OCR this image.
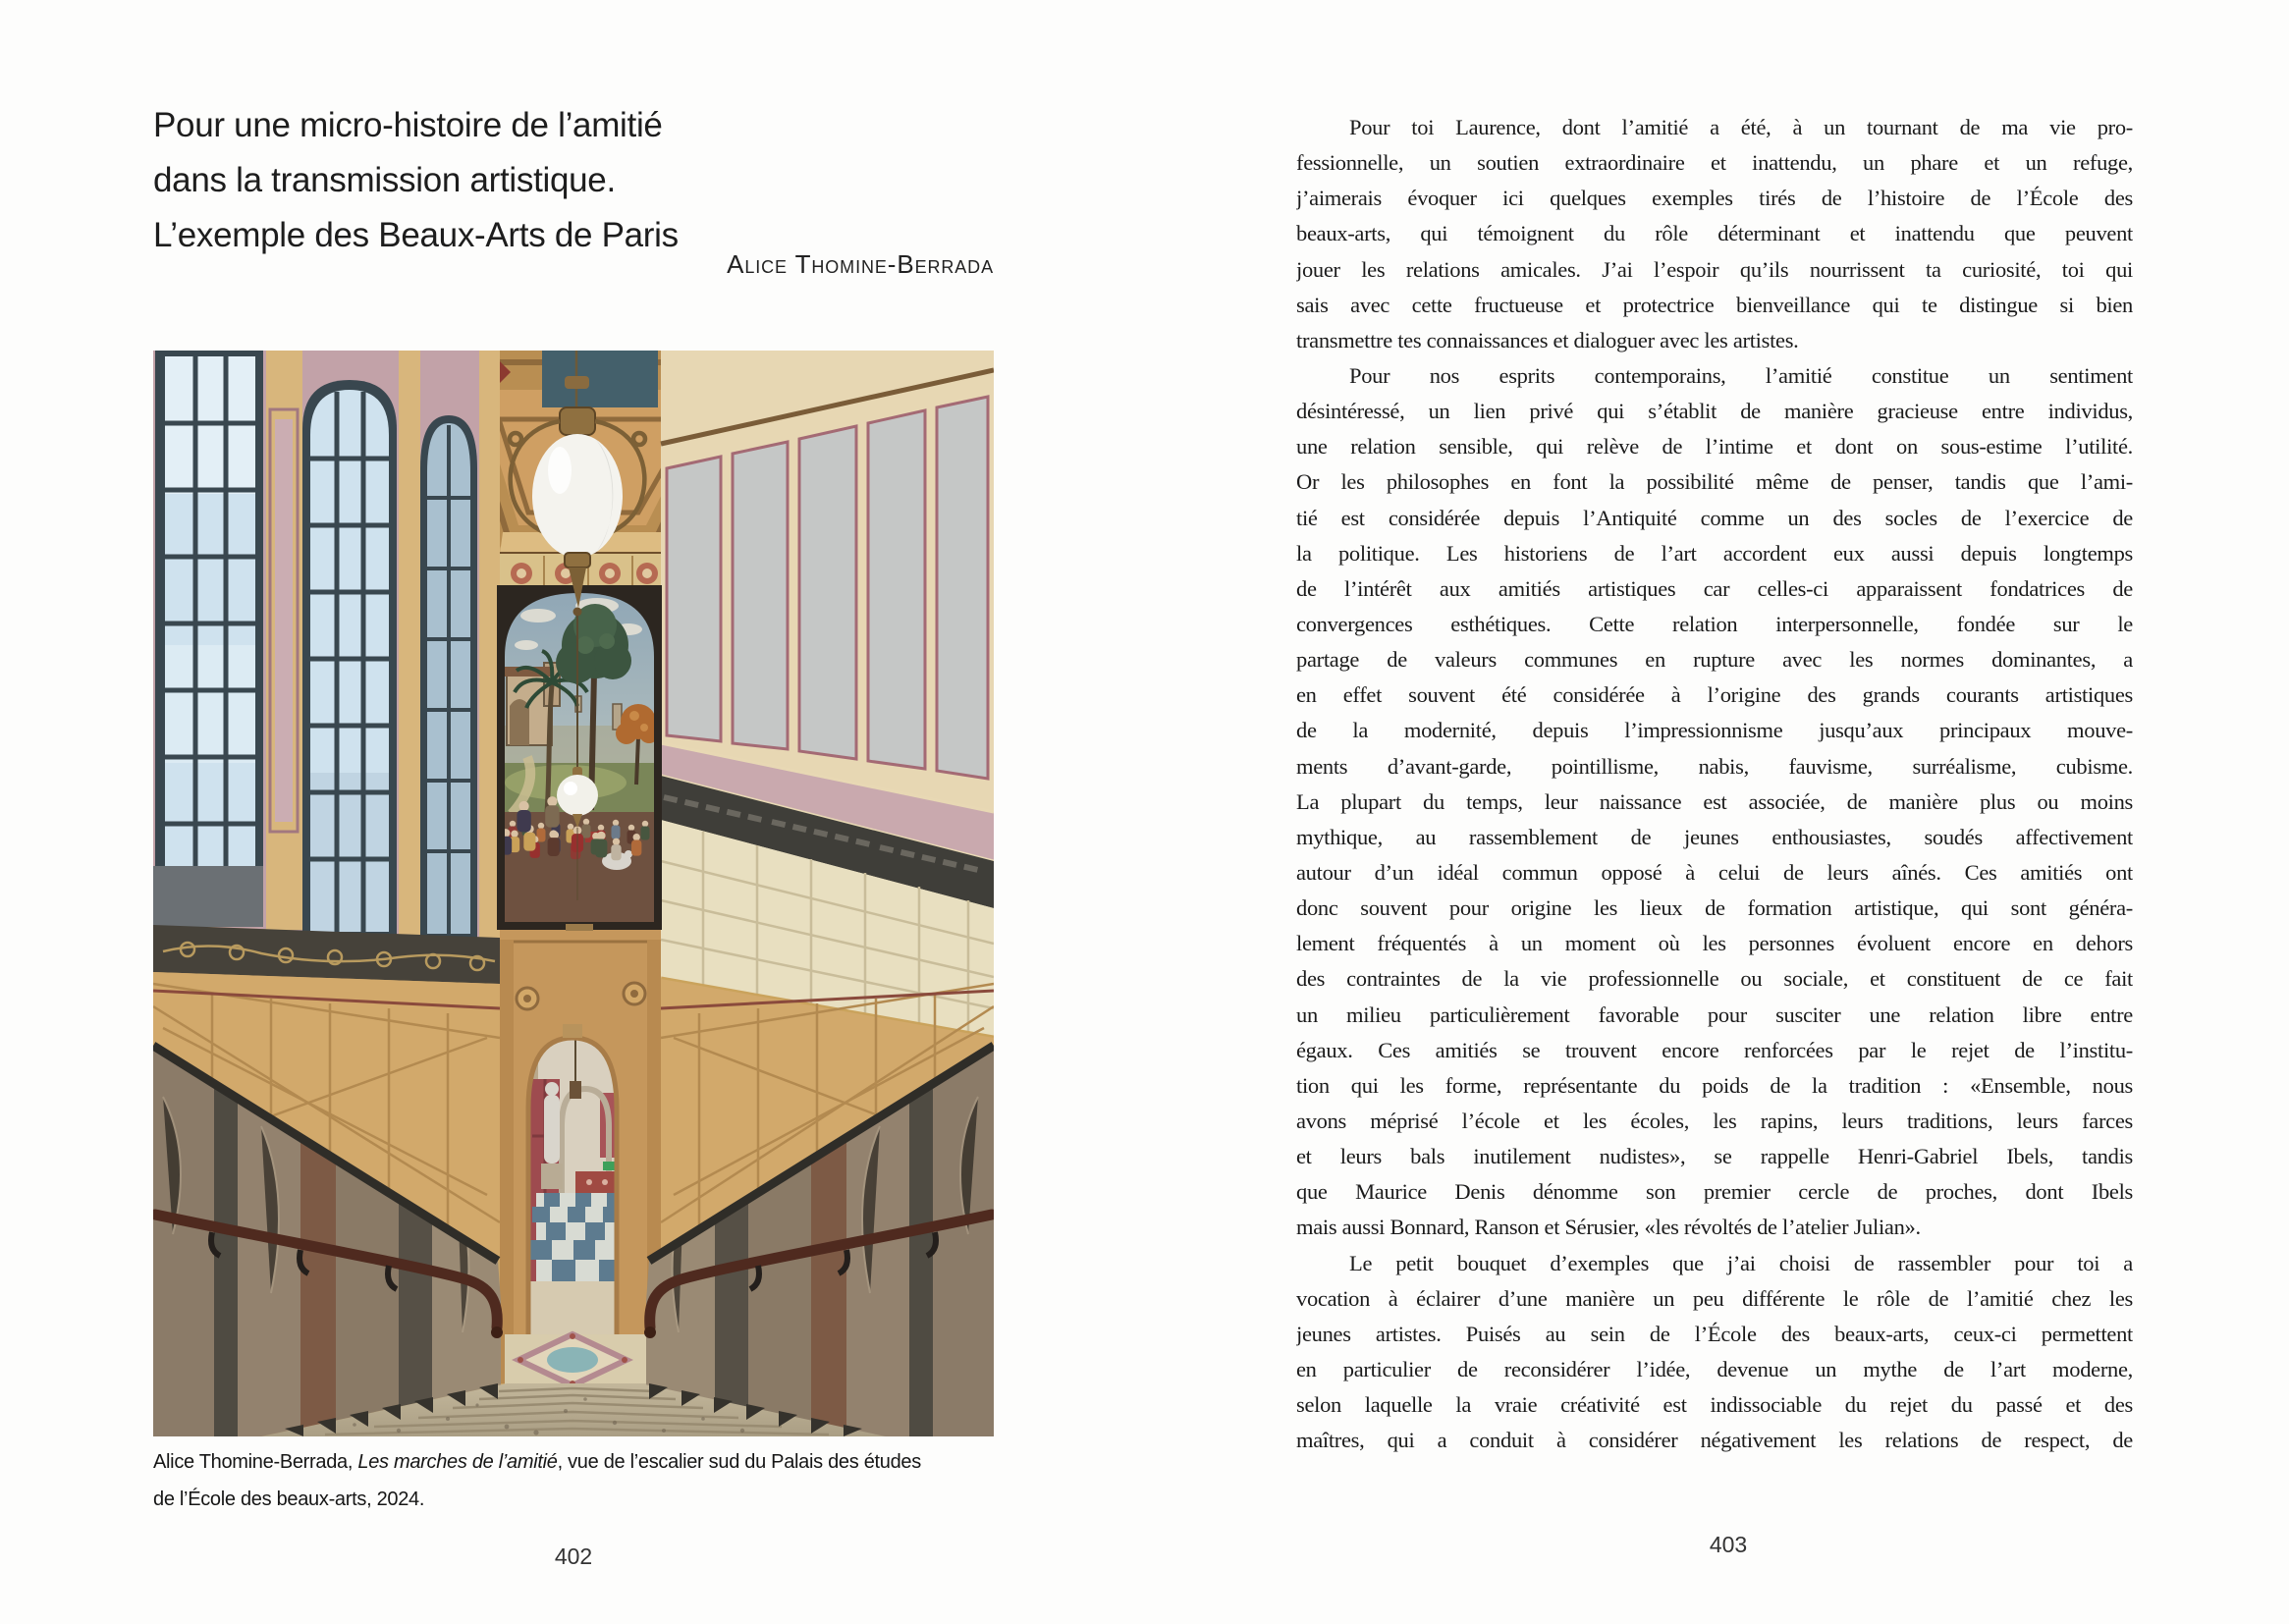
Pour une micro-histoire de l’amitié
dans la transmission artistique.
L’exemple des Beaux-Arts de Paris
Alice Thomine-Berrada
Alice Thomine-Berrada, Les marches de l’amitié, vue de l’escalier sud du Palais des études
de l’École des beaux-arts, 2024.
402
Pour toi Laurence, dont l’amitié a été, à un tournant de ma vie pro-
fessionnelle, un soutien extraordinaire et inattendu, un phare et un refuge,
j’aimerais évoquer ici quelques exemples tirés de l’histoire de l’École des
beaux-arts, qui témoignent du rôle déterminant et inattendu que peuvent
jouer les relations amicales. J’ai l’espoir qu’ils nourrissent ta curiosité, toi qui
sais avec cette fructueuse et protectrice bienveillance qui te distingue si bien
transmettre tes connaissances et dialoguer avec les artistes.
Pour nos esprits contemporains, l’amitié constitue un sentiment
désintéressé, un lien privé qui s’établit de manière gracieuse entre individus,
une relation sensible, qui relève de l’intime et dont on sous-estime l’utilité.
Or les philosophes en font la possibilité même de penser, tandis que l’ami-
tié est considérée depuis l’Antiquité comme un des socles de l’exercice de
la politique. Les historiens de l’art accordent eux aussi depuis longtemps
de l’intérêt aux amitiés artistiques car celles-ci apparaissent fondatrices de
convergences esthétiques. Cette relation interpersonnelle, fondée sur le
partage de valeurs communes en rupture avec les normes dominantes, a
en effet souvent été considérée à l’origine des grands courants artistiques
de la modernité, depuis l’impressionnisme jusqu’aux principaux mouve-
ments d’avant-garde, pointillisme, nabis, fauvisme, surréalisme, cubisme.
La plupart du temps, leur naissance est associée, de manière plus ou moins
mythique, au rassemblement de jeunes enthousiastes, soudés affectivement
autour d’un idéal commun opposé à celui de leurs aînés. Ces amitiés ont
donc souvent pour origine les lieux de formation artistique, qui sont généra-
lement fréquentés à un moment où les personnes évoluent encore en dehors
des contraintes de la vie professionnelle ou sociale, et constituent de ce fait
un milieu particulièrement favorable pour susciter une relation libre entre
égaux. Ces amitiés se trouvent encore renforcées par le rejet de l’institu-
tion qui les forme, représentante du poids de la tradition : «Ensemble, nous
avons méprisé l’école et les écoles, les rapins, leurs traditions, leurs farces
et leurs bals inutilement nudistes», se rappelle Henri-Gabriel Ibels, tandis
que Maurice Denis dénomme son premier cercle de proches, dont Ibels
mais aussi Bonnard, Ranson et Sérusier, «les révoltés de l’atelier Julian».
Le petit bouquet d’exemples que j’ai choisi de rassembler pour toi a
vocation à éclairer d’une manière un peu différente le rôle de l’amitié chez les
jeunes artistes. Puisés au sein de l’École des beaux-arts, ceux-ci permettent
en particulier de reconsidérer l’idée, devenue un mythe de l’art moderne,
selon laquelle la vraie créativité est indissociable du rejet du passé et des
maîtres, qui a conduit à considérer négativement les relations de respect, de
403
